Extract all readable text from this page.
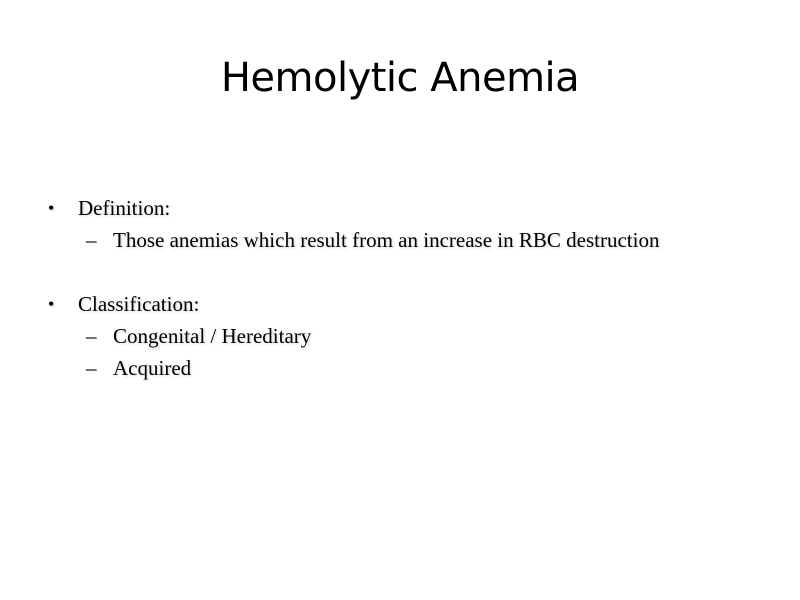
Hemolytic Anemia
• Definition:
– Those anemias which result from an increase in RBC destruction
• Classification:
– Congenital / Hereditary
– Acquired
